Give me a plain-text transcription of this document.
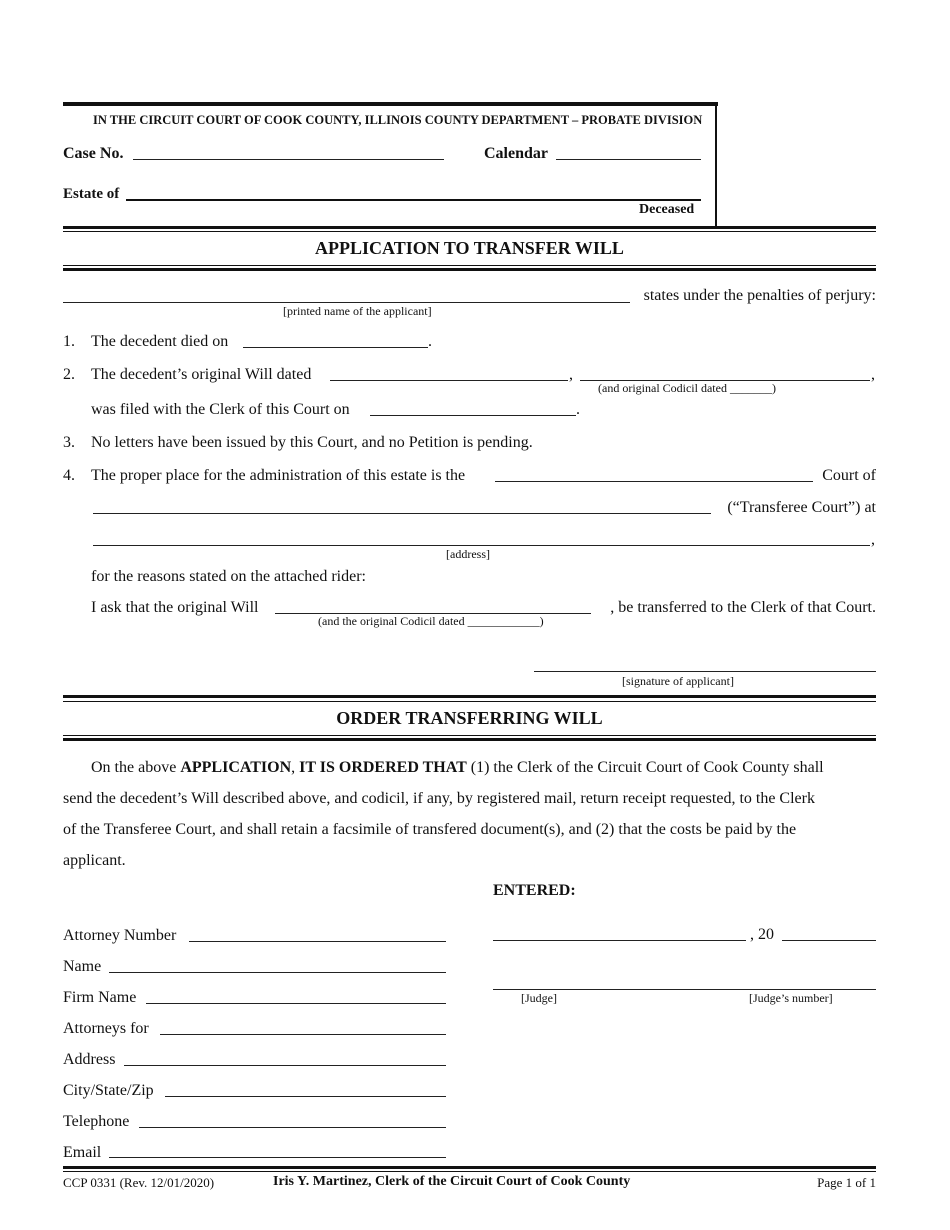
IN THE CIRCUIT COURT OF COOK COUNTY, ILLINOIS COUNTY DEPARTMENT – PROBATE DIVISION
Case No.	Calendar
Estate of
Deceased
APPLICATION TO TRANSFER WILL
states under the penalties of perjury:
[printed name of the applicant]
1. The decedent died on	.
2. The decedent’s original Will dated	,	,
(and original Codicil dated _______)
was filed with the Clerk of this Court on	.
3. No letters have been issued by this Court, and no Petition is pending.
4. The proper place for the administration of this estate is the	Court of
(“Transferee Court”) at
,
[address]
for the reasons stated on the attached rider:
I ask that the original Will	, be transferred to the Clerk of that Court.
(and the original Codicil dated ____________)
[signature of applicant]
ORDER TRANSFERRING WILL
On the above APPLICATION, IT IS ORDERED THAT (1) the Clerk of the Circuit Court of Cook County shall
send the decedent’s Will described above, and codicil, if any, by registered mail, return receipt requested, to the Clerk
of the Transferee Court, and shall retain a facsimile of transfered document(s), and (2) that the costs be paid by the
applicant.
ENTERED:
, 20
[Judge]	[Judge’s number]
Attorney Number
Name
Firm Name
Attorneys for
Address
City/State/Zip
Telephone
Email
CCP 0331 (Rev. 12/01/2020)	Iris Y. Martinez, Clerk of the Circuit Court of Cook County	Page 1 of 1
